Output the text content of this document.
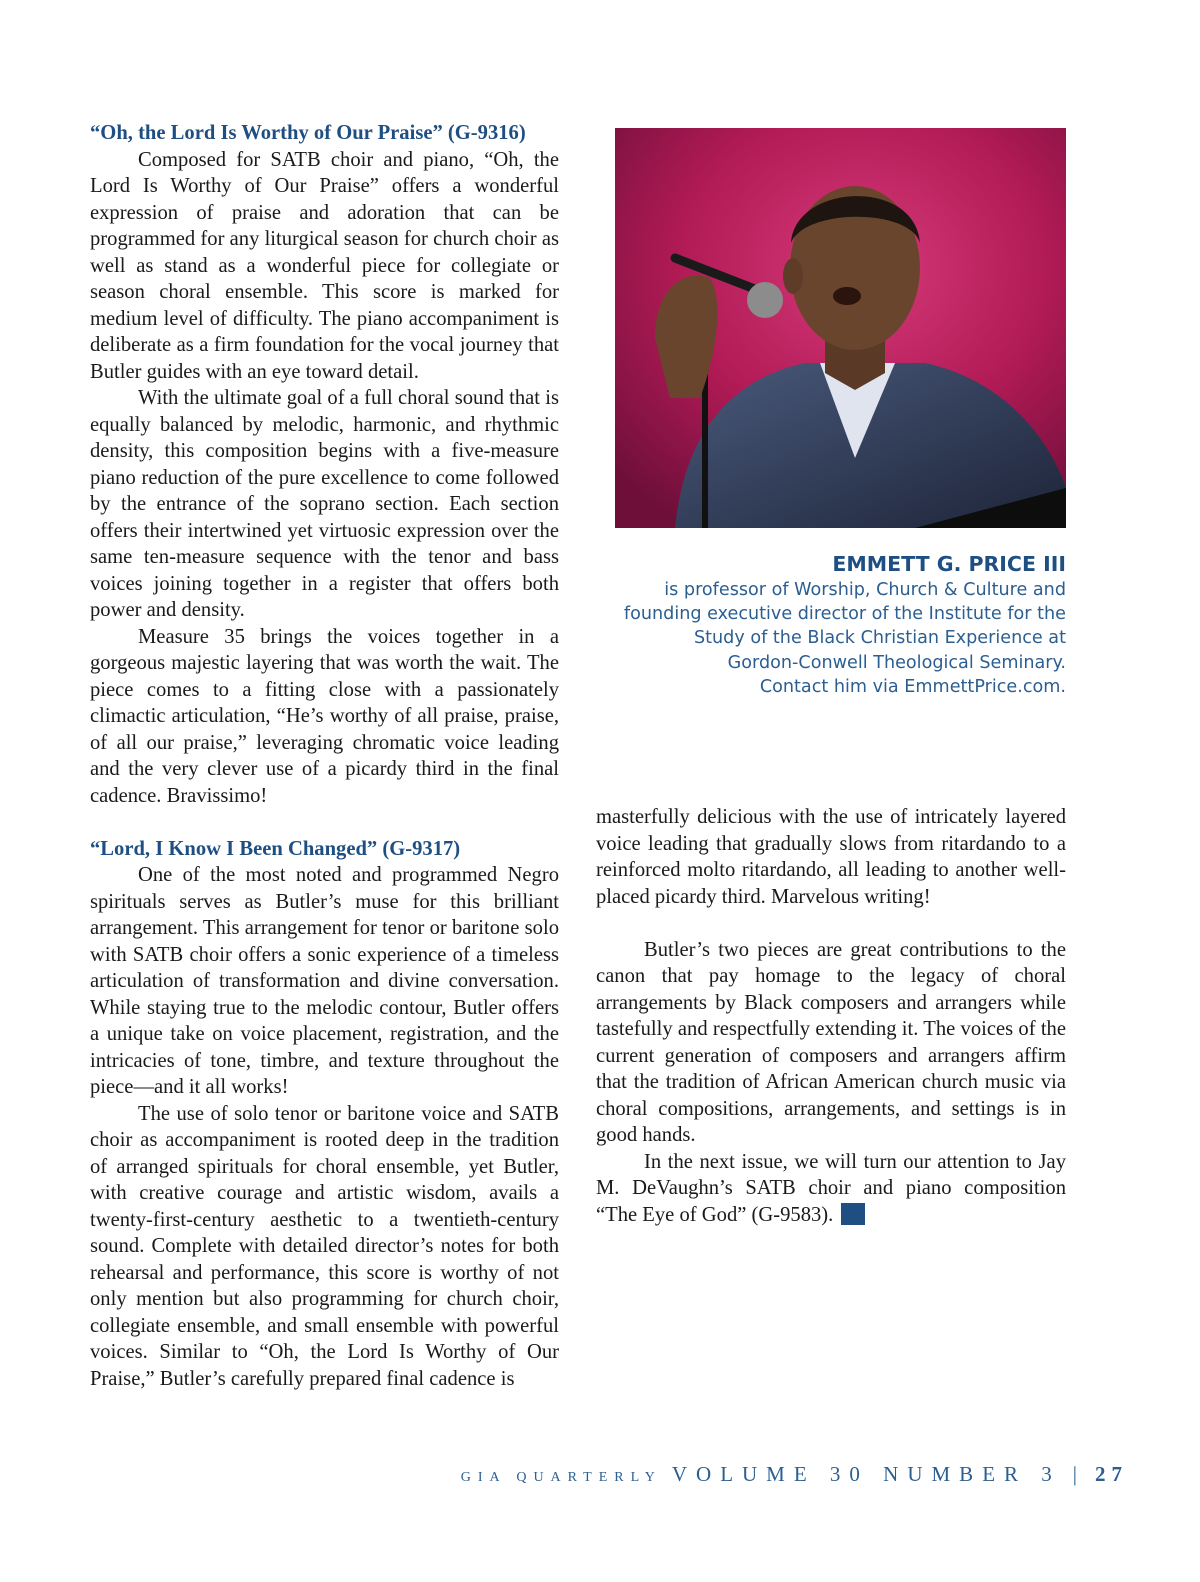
“Oh, the Lord Is Worthy of Our Praise” (G-9316)

Composed for SATB choir and piano, “Oh, the Lord Is Worthy of Our Praise” offers a wonderful expression of praise and adoration that can be programmed for any liturgical season for church choir as well as stand as a wonderful piece for collegiate or season choral ensemble. This score is marked for medium level of difficulty. The piano accompaniment is deliberate as a firm foundation for the vocal journey that Butler guides with an eye toward detail.

With the ultimate goal of a full choral sound that is equally balanced by melodic, harmonic, and rhythmic density, this composition begins with a five-measure piano reduction of the pure excellence to come followed by the entrance of the soprano section. Each section offers their intertwined yet virtuosic expression over the same ten-measure sequence with the tenor and bass voices joining together in a register that offers both power and density.

Measure 35 brings the voices together in a gorgeous majestic layering that was worth the wait. The piece comes to a fitting close with a passionately climactic articulation, “He’s worthy of all praise, praise, of all our praise,” leveraging chromatic voice leading and the very clever use of a picardy third in the final cadence. Bravissimo!

“Lord, I Know I Been Changed” (G-9317)

One of the most noted and programmed Negro spirituals serves as Butler’s muse for this brilliant arrangement. This arrangement for tenor or baritone solo with SATB choir offers a sonic experience of a timeless articulation of transformation and divine conversation. While staying true to the melodic contour, Butler offers a unique take on voice placement, registration, and the intricacies of tone, timbre, and texture throughout the piece—and it all works!

The use of solo tenor or baritone voice and SATB choir as accompaniment is rooted deep in the tradition of arranged spirituals for choral ensemble, yet Butler, with creative courage and artistic wisdom, avails a twenty-first-century aesthetic to a twentieth-century sound. Complete with detailed director’s notes for both rehearsal and performance, this score is worthy of not only mention but also programming for church choir, collegiate ensemble, and small ensemble with powerful voices. Similar to “Oh, the Lord Is Worthy of Our Praise,” Butler’s carefully prepared final cadence is

EMMETT G. PRICE III
is professor of Worship, Church & Culture and
founding executive director of the Institute for the
Study of the Black Christian Experience at
Gordon-Conwell Theological Seminary.
Contact him via EmmettPrice.com.

masterfully delicious with the use of intricately layered voice leading that gradually slows from ritardando to a reinforced molto ritardando, all leading to another well-placed picardy third. Marvelous writing!

Butler’s two pieces are great contributions to the canon that pay homage to the legacy of choral arrangements by Black composers and arrangers while tastefully and respectfully extending it. The voices of the current generation of composers and arrangers affirm that the tradition of African American church music via choral compositions, arrangements, and settings is in good hands.

In the next issue, we will turn our attention to Jay M. DeVaughn’s SATB choir and piano composition “The Eye of God” (G-9583).

GIA QUARTERLY VOLUME 30 NUMBER 3 | 27
